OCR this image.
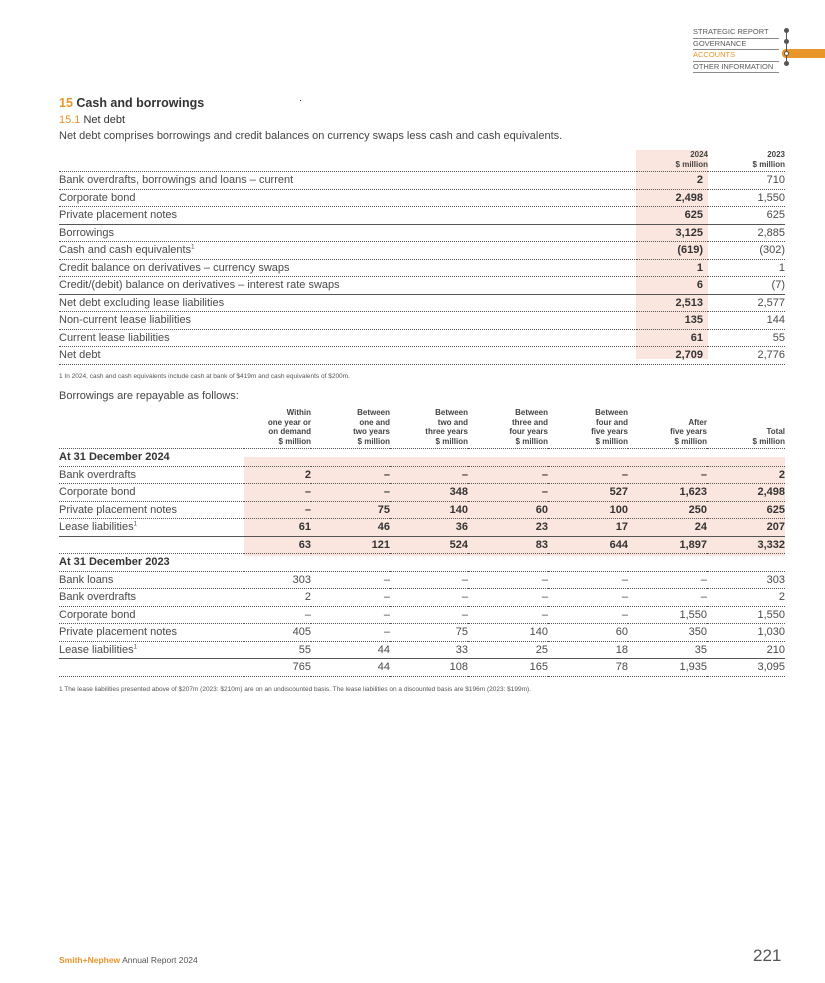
STRATEGIC REPORT
GOVERNANCE
ACCOUNTS
OTHER INFORMATION
15 Cash and borrowings
15.1 Net debt
Net debt comprises borrowings and credit balances on currency swaps less cash and cash equivalents.
	2024
$ million	2023
$ million
Bank overdrafts, borrowings and loans – current	2	710
Corporate bond	2,498	1,550
Private placement notes	625	625
Borrowings	3,125	2,885
Cash and cash equivalents$^1$	(619)	(302)
Credit balance on derivatives – currency swaps	1	1
Credit/(debit) balance on derivatives – interest rate swaps	6	(7)
Net debt excluding lease liabilities	2,513	2,577
Non-current lease liabilities	135	144
Current lease liabilities	61	55
Net debt	2,709	2,776
1 In 2024, cash and cash equivalents include cash at bank of $419m and cash equivalents of $200m.
Borrowings are repayable as follows:
	Within
one year or
on demand
$ million	Between
one and
two years
$ million	Between
two and
three years
$ million	Between
three and
four years
$ million	Between
four and
five years
$ million	After
five years
$ million	Total
$ million
At 31 December 2024							
Bank overdrafts	2	–	–	–	–	–	2
Corporate bond	–	–	348	–	527	1,623	2,498
Private placement notes	–	75	140	60	100	250	625
Lease liabilities$^1$	61	46	36	23	17	24	207
	63	121	524	83	644	1,897	3,332
At 31 December 2023							
Bank loans	303	–	–	–	–	–	303
Bank overdrafts	2	–	–	–	–	–	2
Corporate bond	–	–	–	–	–	1,550	1,550
Private placement notes	405	–	75	140	60	350	1,030
Lease liabilities$^1$	55	44	33	25	18	35	210
	765	44	108	165	78	1,935	3,095
1 The lease liabilities presented above of $207m (2023: $210m) are on an undiscounted basis. The lease liabilities on a discounted basis are $196m (2023: $199m).
Smith+Nephew Annual Report 2024	221
